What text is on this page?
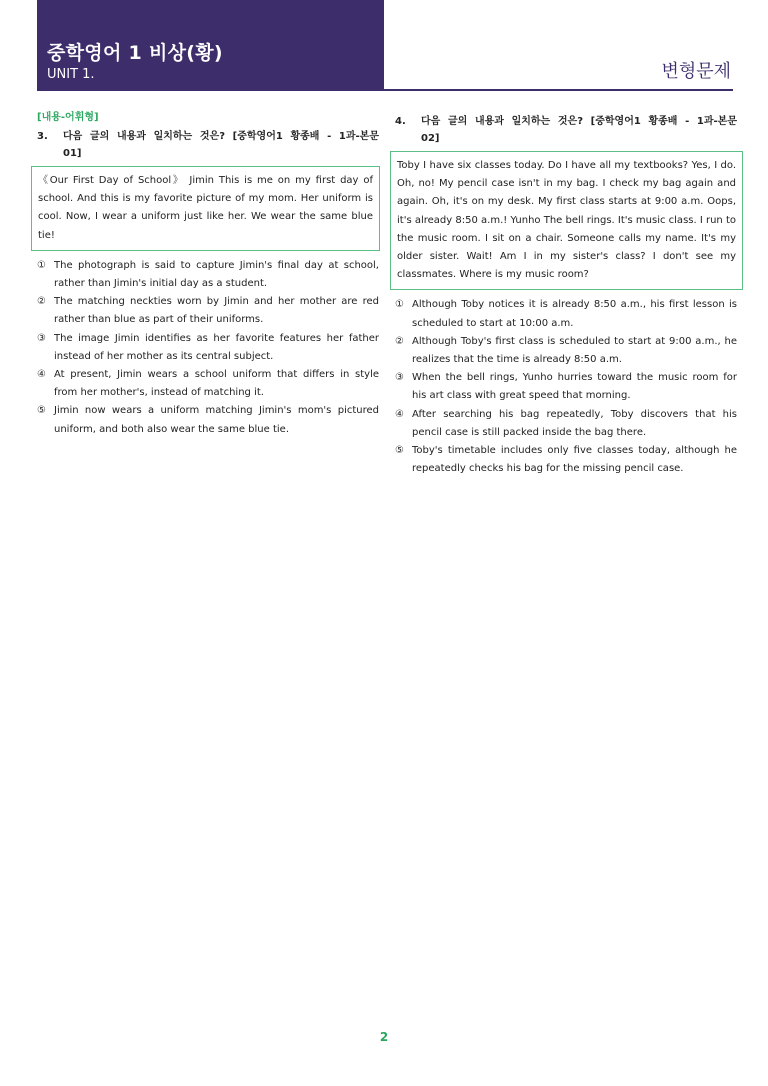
중학영어 1 비상(황)
UNIT 1.	변형문제
[내용-어휘형]
3.	다음 글의 내용과 일치하는 것은? [중학영어1 황종배 - 1과-본문
01]
《Our First Day of School》 Jimin This is me on my first day of school. And this is my favorite picture of my mom. Her uniform is cool. Now, I wear a uniform just like her. We wear the same blue tie!
① The photograph is said to capture Jimin's final day at school, rather than Jimin's initial day as a student.
② The matching neckties worn by Jimin and her mother are red rather than blue as part of their uniforms.
③ The image Jimin identifies as her favorite features her father instead of her mother as its central subject.
④ At present, Jimin wears a school uniform that differs in style from her mother's, instead of matching it.
⑤ Jimin now wears a uniform matching Jimin's mom's pictured uniform, and both also wear the same blue tie.
4.	다음 글의 내용과 일치하는 것은? [중학영어1 황종배 - 1과-본문
02]
Toby I have six classes today. Do I have all my textbooks? Yes, I do. Oh, no! My pencil case isn't in my bag. I check my bag again and again. Oh, it's on my desk. My first class starts at 9:00 a.m. Oops, it's already 8:50 a.m.! Yunho The bell rings. It's music class. I run to the music room. I sit on a chair. Someone calls my name. It's my older sister. Wait! Am I in my sister's class? I don't see my classmates. Where is my music room?
① Although Toby notices it is already 8:50 a.m., his first lesson is scheduled to start at 10:00 a.m.
② Although Toby's first class is scheduled to start at 9:00 a.m., he realizes that the time is already 8:50 a.m.
③ When the bell rings, Yunho hurries toward the music room for his art class with great speed that morning.
④ After searching his bag repeatedly, Toby discovers that his pencil case is still packed inside the bag there.
⑤ Toby's timetable includes only five classes today, although he repeatedly checks his bag for the missing pencil case.
2
